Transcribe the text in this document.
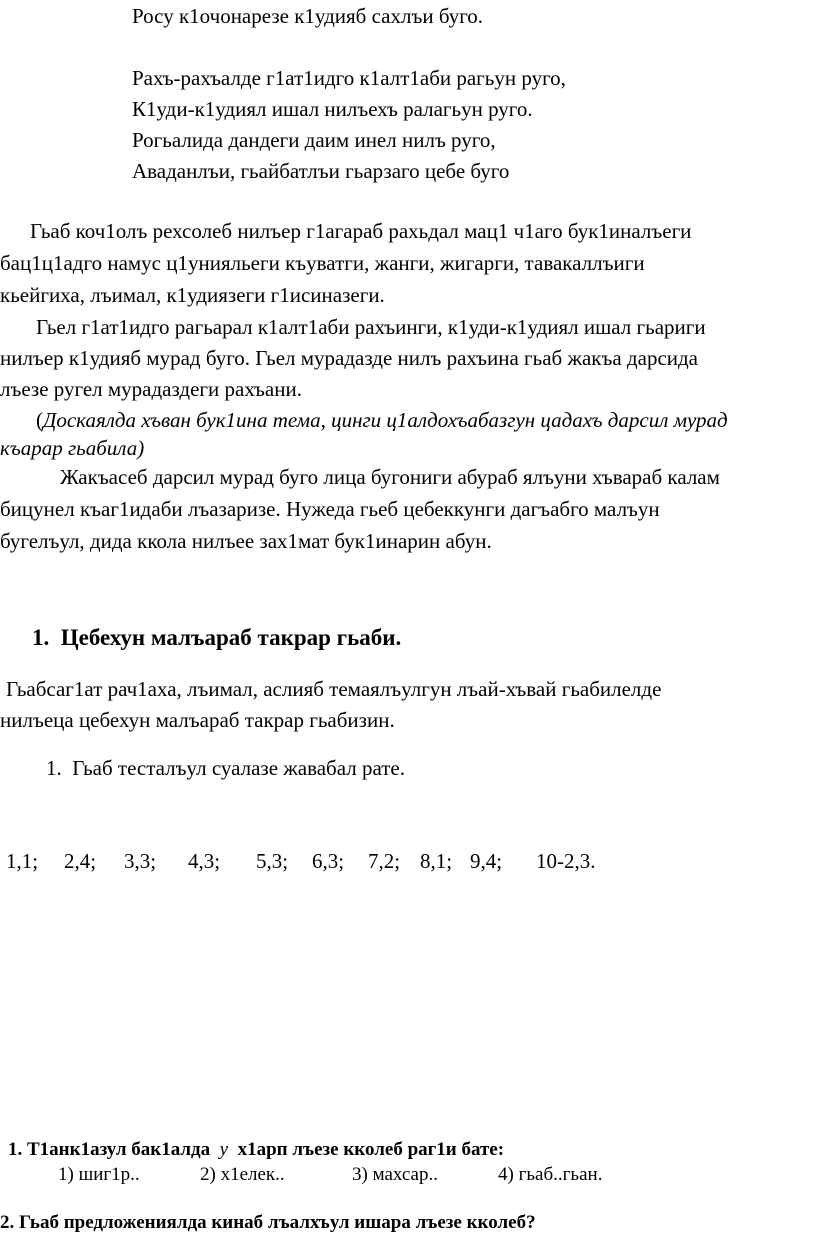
Росу к1очонарезе к1удияб сахлъи буго.
Рахъ-рахъалде г1ат1идго к1алт1аби рагьун руго,
К1уди-к1удиял ишал нилъехъ ралагьун руго.
Рогьалида дандеги даим инел нилъ руго,
Аваданлъи, гьайбатлъи гьарзаго цебе буго
Гьаб коч1олъ рехсолеб нилъер г1агараб рахьдал мац1 ч1аго бук1иналъеги
бац1ц1адго намус ц1унияльеги къуватги, жанги, жигарги, тавакаллъиги
кьейгиха, лъимал, к1удиязеги г1исиназеги.
Гьел г1ат1идго рагьарал к1алт1аби рахъинги, к1уди-к1удиял ишал гьариги
нилъер к1удияб мурад буго. Гьел мурадазде нилъ рахъина гьаб жакъа дарсида
лъезе ругел мурадаздеги рахъани.
(Доскаялда хъван бук1ина тема, цинги ц1алдохъабазгун цадахъ дарсил мурад
къарар гьабила)
Жакъасеб дарсил мурад буго лица бугониги абураб ялъуни хъвараб калам
бицунел къаг1идаби лъазаризе. Нужеда гьеб цебеккунги дагъабго малъун
бугелъул, дида ккола нилъее зах1мат бук1инарин абун.
1. Цебехун малъараб такрар гьаби.
Гьабсаг1ат рач1аха, лъимал, аслияб темаялъулгун лъай-хъвай гьабилелде
нилъеца цебехун малъараб такрар гьабизин.
1. Гьаб тесталъул суалазе жавабал рате.
1,1; 2,4; 3,3; 4,3; 5,3; 6,3; 7,2; 8,1; 9,4; 10-2,3.
1. Т1анк1азул бак1алда у х1арп лъезе кколеб раг1и бате:
1) шиг1р..	2) х1елек..	3) махсар..	4) гьаб..гьан.
2. Гьаб предложениялда кинаб лъалхъул ишара лъезе кколеб?
